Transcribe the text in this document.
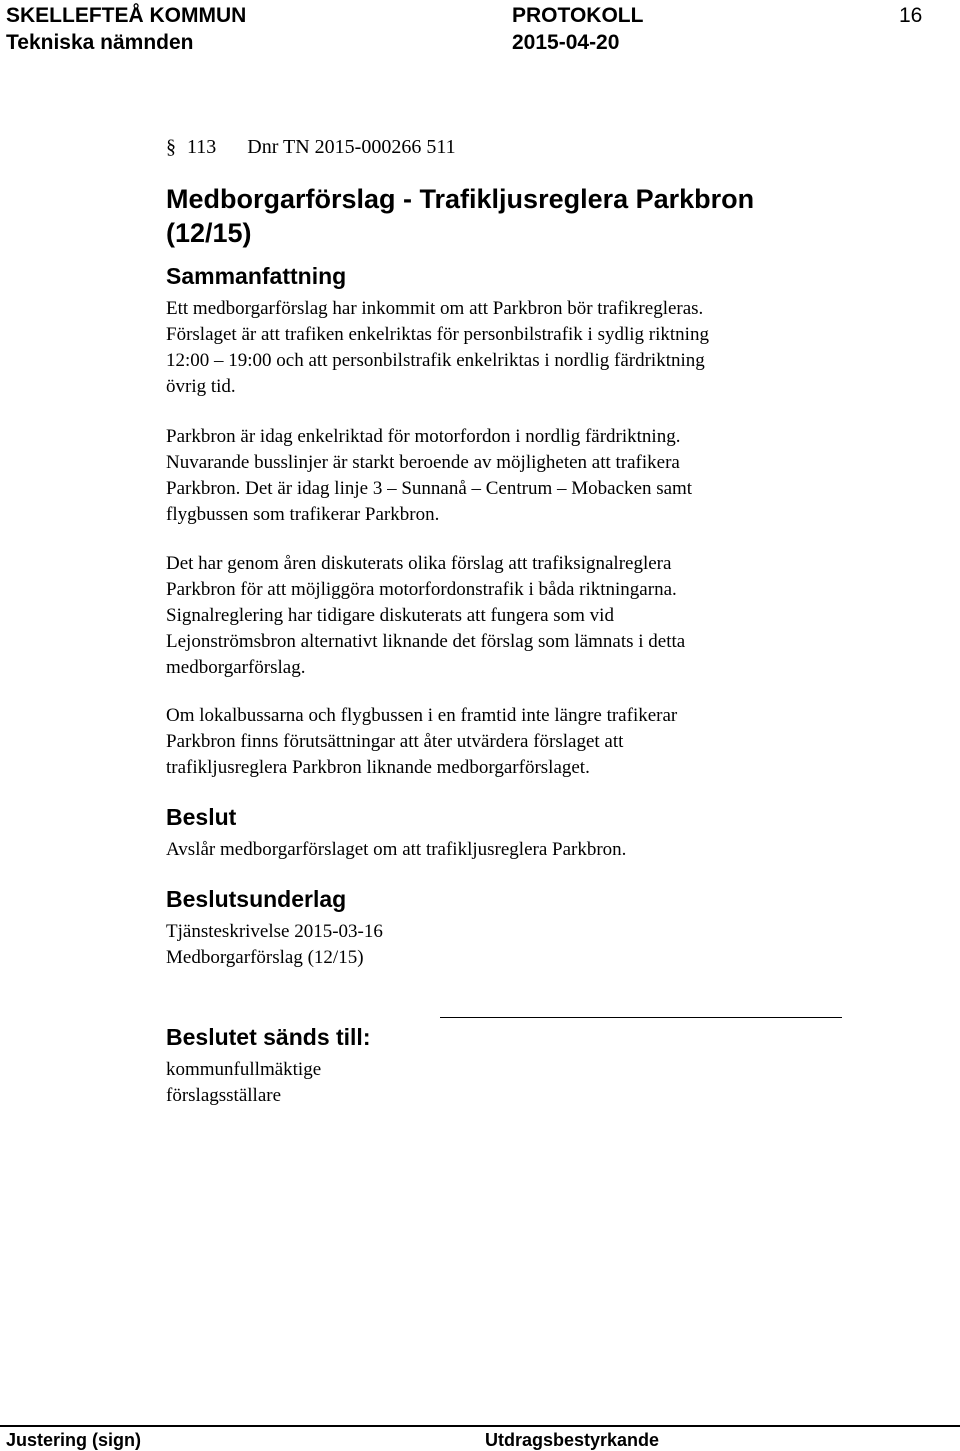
SKELLEFTEÅ KOMMUN
Tekniska nämnden
PROTOKOLL
2015-04-20
16
§ 113 Dnr TN 2015-000266 511
Medborgarförslag - Trafikljusreglera Parkbron
(12/15)
Sammanfattning
Ett medborgarförslag har inkommit om att Parkbron bör trafikregleras.
Förslaget är att trafiken enkelriktas för personbilstrafik i sydlig riktning
12:00 – 19:00 och att personbilstrafik enkelriktas i nordlig färdriktning
övrig tid.
Parkbron är idag enkelriktad för motorfordon i nordlig färdriktning.
Nuvarande busslinjer är starkt beroende av möjligheten att trafikera
Parkbron. Det är idag linje 3 – Sunnanå – Centrum – Mobacken samt
flygbussen som trafikerar Parkbron.
Det har genom åren diskuterats olika förslag att trafiksignalreglera
Parkbron för att möjliggöra motorfordonstrafik i båda riktningarna.
Signalreglering har tidigare diskuterats att fungera som vid
Lejonströmsbron alternativt liknande det förslag som lämnats i detta
medborgarförslag.
Om lokalbussarna och flygbussen i en framtid inte längre trafikerar
Parkbron finns förutsättningar att åter utvärdera förslaget att
trafikljusreglera Parkbron liknande medborgarförslaget.
Beslut
Avslår medborgarförslaget om att trafikljusreglera Parkbron.
Beslutsunderlag
Tjänsteskrivelse 2015-03-16
Medborgarförslag (12/15)
Beslutet sänds till:
kommunfullmäktige
förslagsställare
Justering (sign)	Utdragsbestyrkande
